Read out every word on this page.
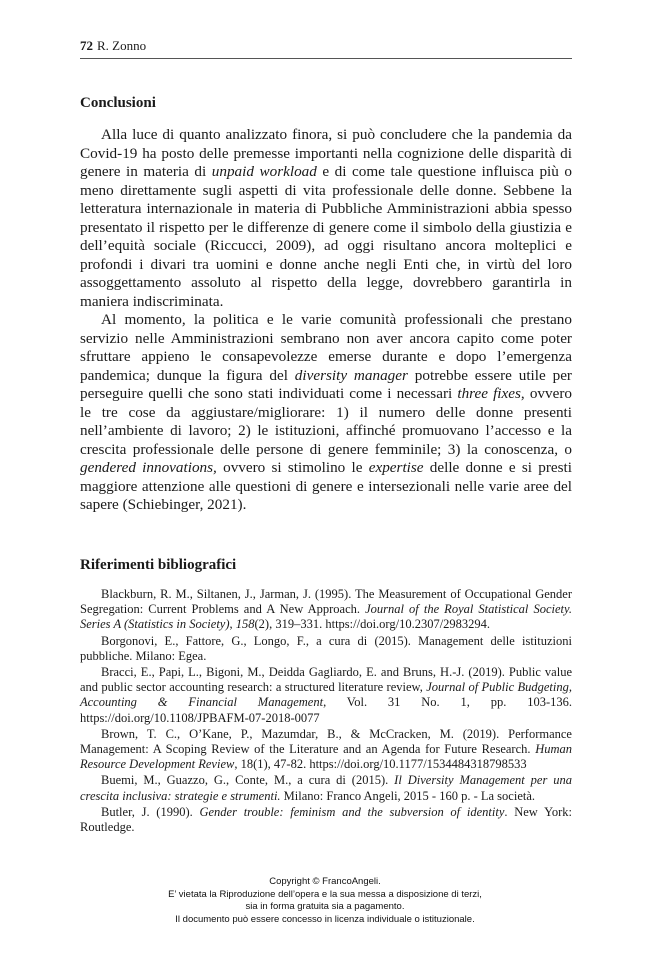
72 R. Zonno
Conclusioni

Alla luce di quanto analizzato finora, si può concludere che la pandemia da Covid-19 ha posto delle premesse importanti nella cognizione delle disparità di genere in materia di unpaid workload e di come tale questione influisca più o meno direttamente sugli aspetti di vita professionale delle donne. Sebbene la letteratura internazionale in materia di Pubbliche Amministrazioni abbia spesso presentato il rispetto per le differenze di genere come il simbolo della giustizia e dell’equità sociale (Riccucci, 2009), ad oggi risultano ancora molteplici e profondi i divari tra uomini e donne anche negli Enti che, in virtù del loro assoggettamento assoluto al rispetto della legge, dovrebbero garantirla in maniera indiscriminata.

Al momento, la politica e le varie comunità professionali che prestano servizio nelle Amministrazioni sembrano non aver ancora capito come poter sfruttare appieno le consapevolezze emerse durante e dopo l’emergenza pandemica; dunque la figura del diversity manager potrebbe essere utile per perseguire quelli che sono stati individuati come i necessari three fixes, ovvero le tre cose da aggiustare/migliorare: 1) il numero delle donne presenti nell’ambiente di lavoro; 2) le istituzioni, affinché promuovano l’accesso e la crescita professionale delle persone di genere femminile; 3) la conoscenza, o gendered innovations, ovvero si stimolino le expertise delle donne e si presti maggiore attenzione alle questioni di genere e intersezionali nelle varie aree del sapere (Schiebinger, 2021).

Riferimenti bibliografici

Blackburn, R. M., Siltanen, J., Jarman, J. (1995). The Measurement of Occupational Gender Segregation: Current Problems and A New Approach. Journal of the Royal Statistical Society. Series A (Statistics in Society), 158(2), 319–331. https://doi.org/10.2307/2983294.

Borgonovi, E., Fattore, G., Longo, F., a cura di (2015). Management delle istituzioni pubbliche. Milano: Egea.

Bracci, E., Papi, L., Bigoni, M., Deidda Gagliardo, E. and Bruns, H.-J. (2019). Public value and public sector accounting research: a structured literature review, Journal of Public Budgeting, Accounting & Financial Management, Vol. 31 No. 1, pp. 103-136. https://doi.org/10.1108/JPBAFM-07-2018-0077

Brown, T. C., O’Kane, P., Mazumdar, B., & McCracken, M. (2019). Performance Management: A Scoping Review of the Literature and an Agenda for Future Research. Human Resource Development Review, 18(1), 47-82. https://doi.org/10.1177/1534484318798533

Buemi, M., Guazzo, G., Conte, M., a cura di (2015). Il Diversity Management per una crescita inclusiva: strategie e strumenti. Milano: Franco Angeli, 2015 - 160 p. - La società.

Butler, J. (1990). Gender trouble: feminism and the subversion of identity. New York: Routledge.

Copyright © FrancoAngeli.
E’ vietata la Riproduzione dell’opera e la sua messa a disposizione di terzi,
sia in forma gratuita sia a pagamento.
Il documento può essere concesso in licenza individuale o istituzionale.
